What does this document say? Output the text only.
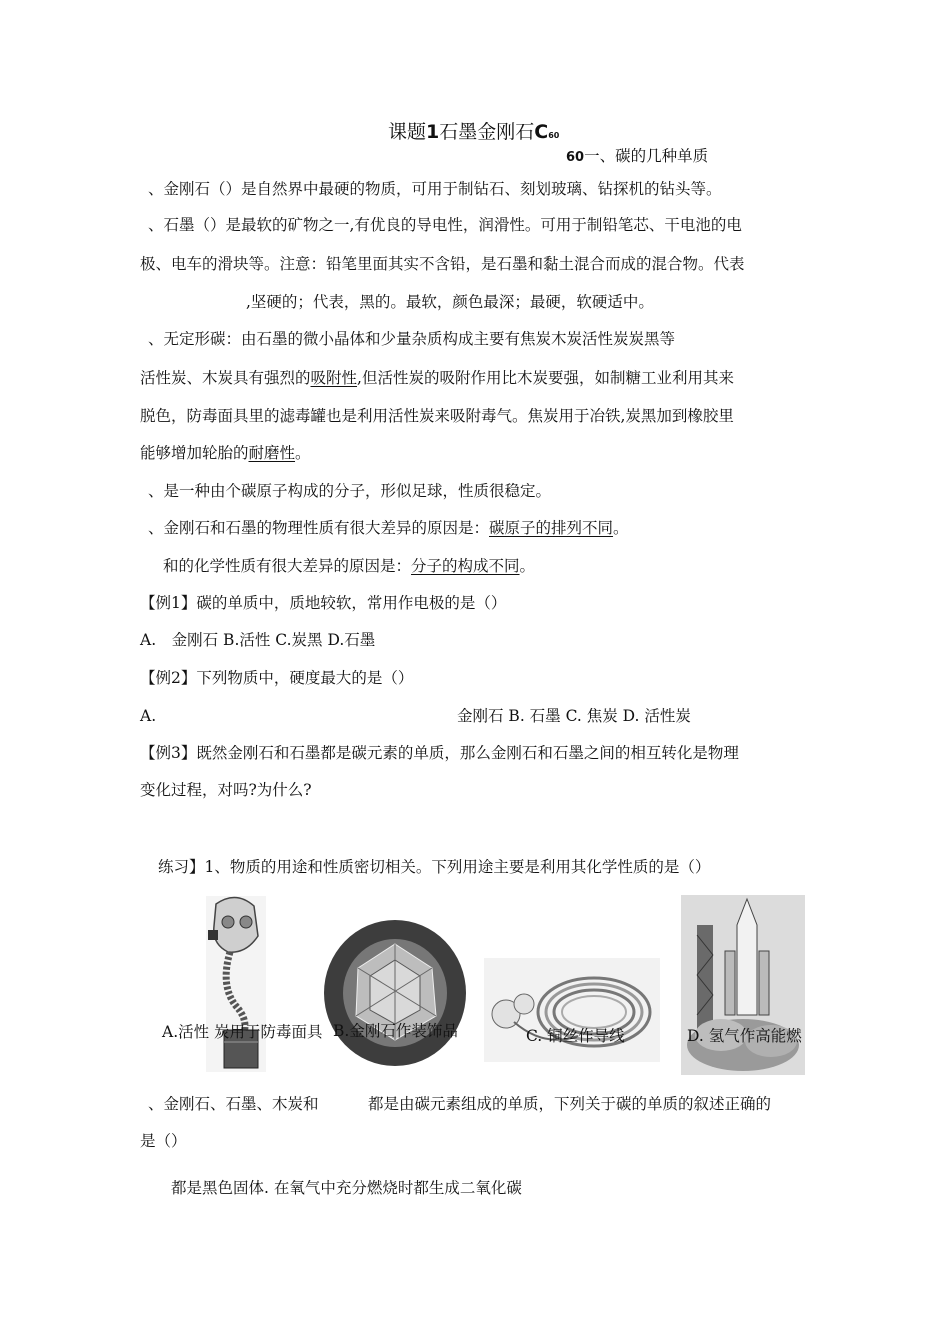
课题1石墨金刚石C60
60一、碳的几种单质
、金刚石（）是自然界中最硬的物质，可用于制钻石、刻划玻璃、钻探机的钻头等。
、石墨（）是最软的矿物之一,有优良的导电性，润滑性。可用于制铅笔芯、干电池的电
极、电车的滑块等。注意：铅笔里面其实不含铅，是石墨和黏土混合而成的混合物。代表
,坚硬的；代表，黑的。最软，颜色最深；最硬，软硬适中。
、无定形碳：由石墨的微小晶体和少量杂质构成主要有焦炭木炭活性炭炭黑等
活性炭、木炭具有强烈的吸附性,但活性炭的吸附作用比木炭要强，如制糖工业利用其来
脱色，防毒面具里的滤毒罐也是利用活性炭来吸附毒气。焦炭用于冶铁,炭黑加到橡胶里
能够增加轮胎的耐磨性。
、是一种由个碳原子构成的分子，形似足球，性质很稳定。
、金刚石和石墨的物理性质有很大差异的原因是：碳原子的排列不同。
和的化学性质有很大差异的原因是：分子的构成不同。
【例1】碳的单质中，质地较软，常用作电极的是（）
A.　金刚石 B.活性 C.炭黑 D.石墨
【例2】下列物质中，硬度最大的是（）
A.	金刚石 B. 石墨 C. 焦炭 D. 活性炭
【例3】既然金刚石和石墨都是碳元素的单质，那么金刚石和石墨之间的相互转化是物理
变化过程，对吗?为什么?
练习】1、物质的用途和性质密切相关。下列用途主要是利用其化学性质的是（）
A.活性 炭用于防毒面具 B.金刚石作装饰品	C. 铜丝作导线	D. 氢气作高能燃
、金刚石、石墨、木炭和	都是由碳元素组成的单质，下列关于碳的单质的叙述正确的
是（）
都是黑色固体. 在氧气中充分燃烧时都生成二氧化碳
